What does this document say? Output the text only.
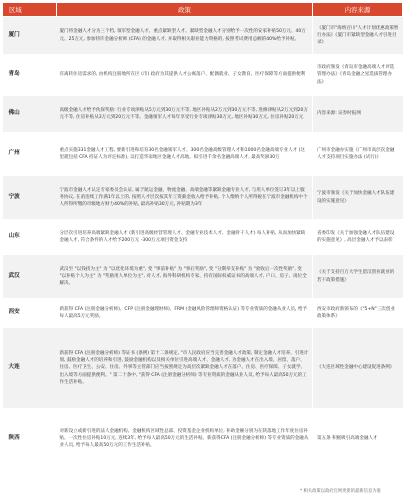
区域	政策	内容来源
厦门	厦门将金融人才分为三个档, 领军型金融人才、重点紧缺型人才、紧缺型金融人才分别给予一次性的安家补贴50万元、40万元、25万元, 参加特许金融分析师 (CFA) 的金融人才, 并取得相关职业能力资格的, 按照考试费用总额的40%给予补贴。	《厦门市"海纳百川"人才计划优惠政策暂行办法》《厦门市紧缺型金融人才引进目录》
青岛	有离转住房需求的, 由机构注册地所在区 (市) 政府为其提供人才公寓落户、配偶就业、子女教育、医疗保障等方面提供便利	市政府颁发《青岛市金融高端人才评选管理办法》《青岛金融之星选拔管理办法》
佛山	高级金融人才给予伙探奖励: 行业专项津贴从5万元到30万元不等, 地区补贴从2万元到30万元不等, 进修津贴从2万元到20万元不等, 住房补贴从3万元到20万元不等。金融领军人才每年享受行业专项津贴30万元, 地区补贴30万元, 住房补贴20万元	内容来源: 证券时报网
广州	重点实施331金融人才工程, 要新引进和培育30名金融领军人才、300名金融高级管理人才和1000名金融高端专业人才 (这里就包括 CFA 持证人为评定标准), 以打造华南地区金融人才高地。拟引进千余名金融高端人才, 最高奖励30万	广州市金融办实施《广州市高层次金融人才支持项目实施办法 (试行)》
宁波	宁波市金融人才认定专家委员会认证, 属于航运金融、物流金融、高端金融等紧缺金融专业人才, 与用人单位签订3年以上服务协议, 在甬连续工作满1年以上的, 按照人才层次按其年工资薪金收入给予补贴, 个人缴纳个人所得税在宁波市金融机构中个人所得所缴的市级地方财力40%的补贴, 最高补贴30万元, 补贴期为3年	宁波市颁发《关于加快金融人才队伍建设的实施意见》
山东	分层次引进培养高端紧缺金融人才 (新引进高级经营管理人才、金融专业技术人才、金融骨干人才) 每人补贴, 从而加快紧缺金融人才, 符合条件的人才给予200万元 -300万元项目资金支持	省委印发《关于加强金融人才队伍建设的实施意见》, 高层金融人才予以表彰
武汉	武汉至 "以钱找为主" 为 "以优化环境为重", 变 "事前补贴" 为 "事后奖励", 变 "分期举支补贴" 为 "验收后一次性奖励", 变 "以补贴个人为主" 为 "奖励用人单位为主", 对人才, 海外科研机构专家、持有国际权威证书的高端人才, 户口、房子、岗位全解决。	《关于支持百万大学生留汉创业就业的若干政策措施》
西安	新获得 CFA (注册金融分析师)、CFP (注册金融理财师)、FRM (金融风险管理师资格认证) 等专业资质的金融从业人员, 给予每人最高5万元奖励。	西安市政府新颁布的《"5+N"三次创业政策体系》
大连	新获得 CFA (注册金融分析师) 等证书 (条例) 第十二条规定, "市人民政府应当完善金融人才政策, 制定金融人才培养、引进计划, 鼓励金融人才的培养和引进, 鼓励金融机构以及相关单位引进高端人才、金融人才, 为金融人才在出入境、居留、落户、住房、医疗卫生、公安、住房、外事等主管部门应当按照规定为高层次紧缺金融人才在落户、住房、医疗保障、子女就学、出入境等方面提供便利。" 第二十条中, "获得 CFA (注册金融分析师) 等专业资质的金融从业人员, 给予每人最高50万元的工作生活补贴。	《大连区域性金融中心建设促进条例》
陕西	对新设立或新引进的法人金融机构、金融机构区域性总部、投资基金企业机构单位, 补助金额分别为在陕落地工作年度住房补贴、一次性住房补贴10万元, 连续3年, 给予每人最高50万元的生活补贴。新获得CFA (注册金融分析师) 等专业资质的金融从业人员, 给予每人最高50万元的工作生活补贴。	第五条 积极吸引高端金融人才
* 相关政策以政府官网更新的最新信息为准
